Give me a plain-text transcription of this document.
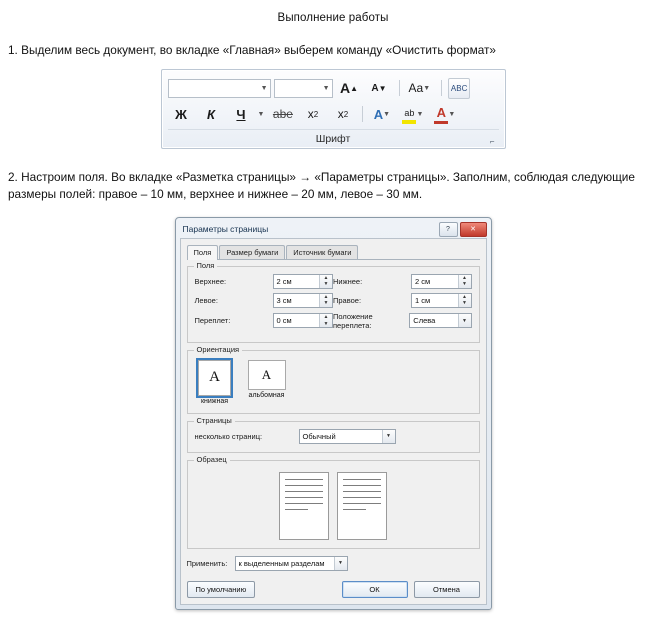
Выполнение работы
1. Выделим весь документ, во вкладке «Главная» выберем команду «Очистить формат»
▼	▼ A ▲ A ▼ Aa ▼	ABC
Ж К Ч ▼ abe x 2 x 2 A ▼ ab ▼ A ▼
Шрифт	⌐
2. Настроим поля. Во вкладке «Разметка страницы» → «Параметры страницы». Заполним, соблюдая следующие размеры полей: правое – 10 мм, верхнее и нижнее – 20 мм, левое – 30 мм.
Параметры страницы	?	✕
Поля	Размер бумаги	Источник бумаги
Поля
Верхнее:	2 см	▲
▼ Нижнее:	2 см	▲
▼
Левое:	3 см	▲
▼ Правое:	1 см	▲
▼
Переплет:	0 см	▲
▼
Положение переплета:	Слева	▼
Ориентация
A
книжная
A
альбомная
Страницы
несколько страниц:	Обычный	▼
Образец
Применить:	к выделенным разделам	▼
По умолчанию	ОК	Отмена
